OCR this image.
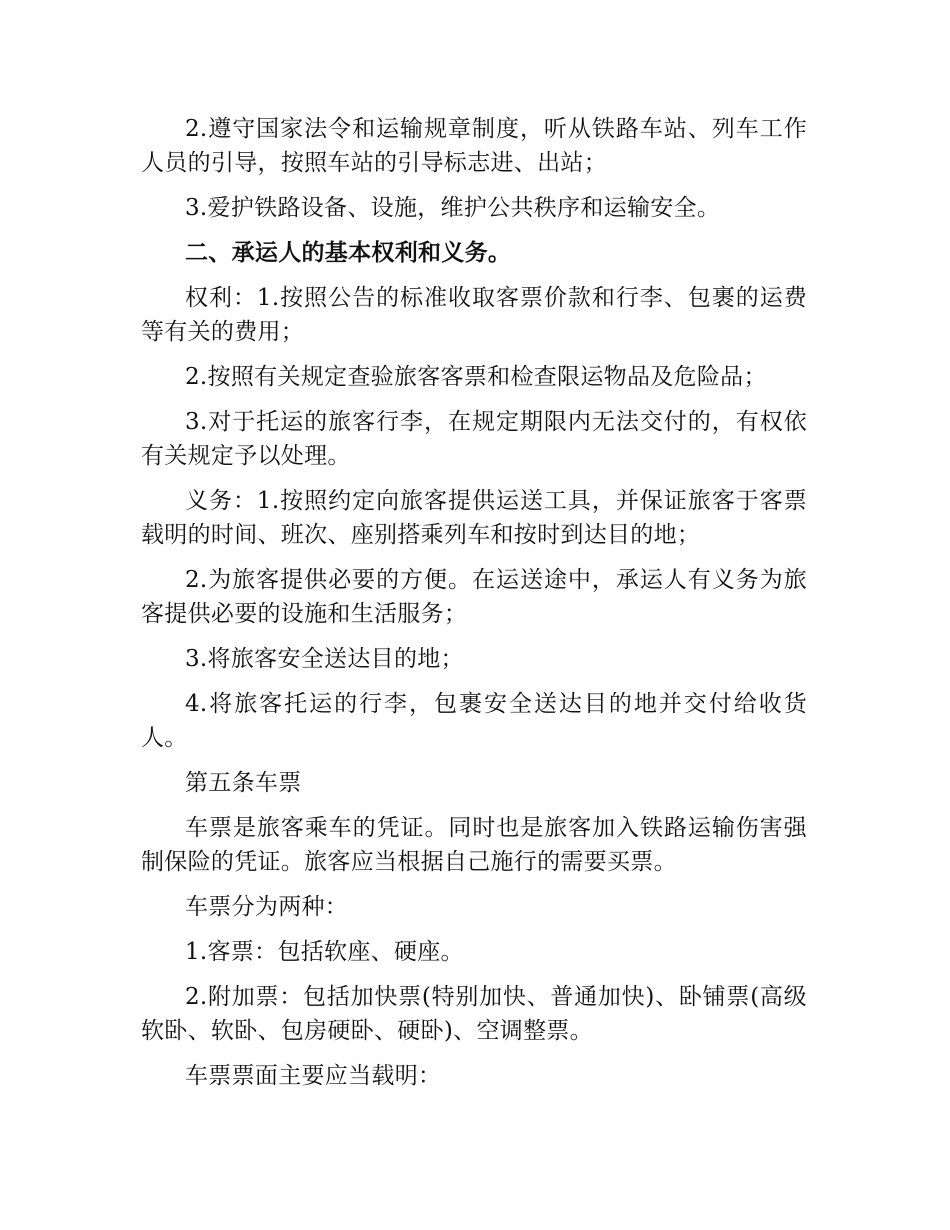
2.遵守国家法令和运输规章制度，听从铁路车站、列车工作人员的引导，按照车站的引导标志进、出站；

3.爱护铁路设备、设施，维护公共秩序和运输安全。

二、承运人的基本权利和义务。

权利：1.按照公告的标准收取客票价款和行李、包裹的运费等有关的费用；

2.按照有关规定查验旅客客票和检查限运物品及危险品；

3.对于托运的旅客行李，在规定期限内无法交付的，有权依有关规定予以处理。

义务：1.按照约定向旅客提供运送工具，并保证旅客于客票载明的时间、班次、座别搭乘列车和按时到达目的地；

2.为旅客提供必要的方便。在运送途中，承运人有义务为旅客提供必要的设施和生活服务；

3.将旅客安全送达目的地；

4.将旅客托运的行李，包裹安全送达目的地并交付给收货人。

第五条车票

车票是旅客乘车的凭证。同时也是旅客加入铁路运输伤害强制保险的凭证。旅客应当根据自己施行的需要买票。

车票分为两种：

1.客票：包括软座、硬座。

2.附加票：包括加快票(特别加快、普通加快)、卧铺票(高级软卧、软卧、包房硬卧、硬卧)、空调整票。

车票票面主要应当载明：
